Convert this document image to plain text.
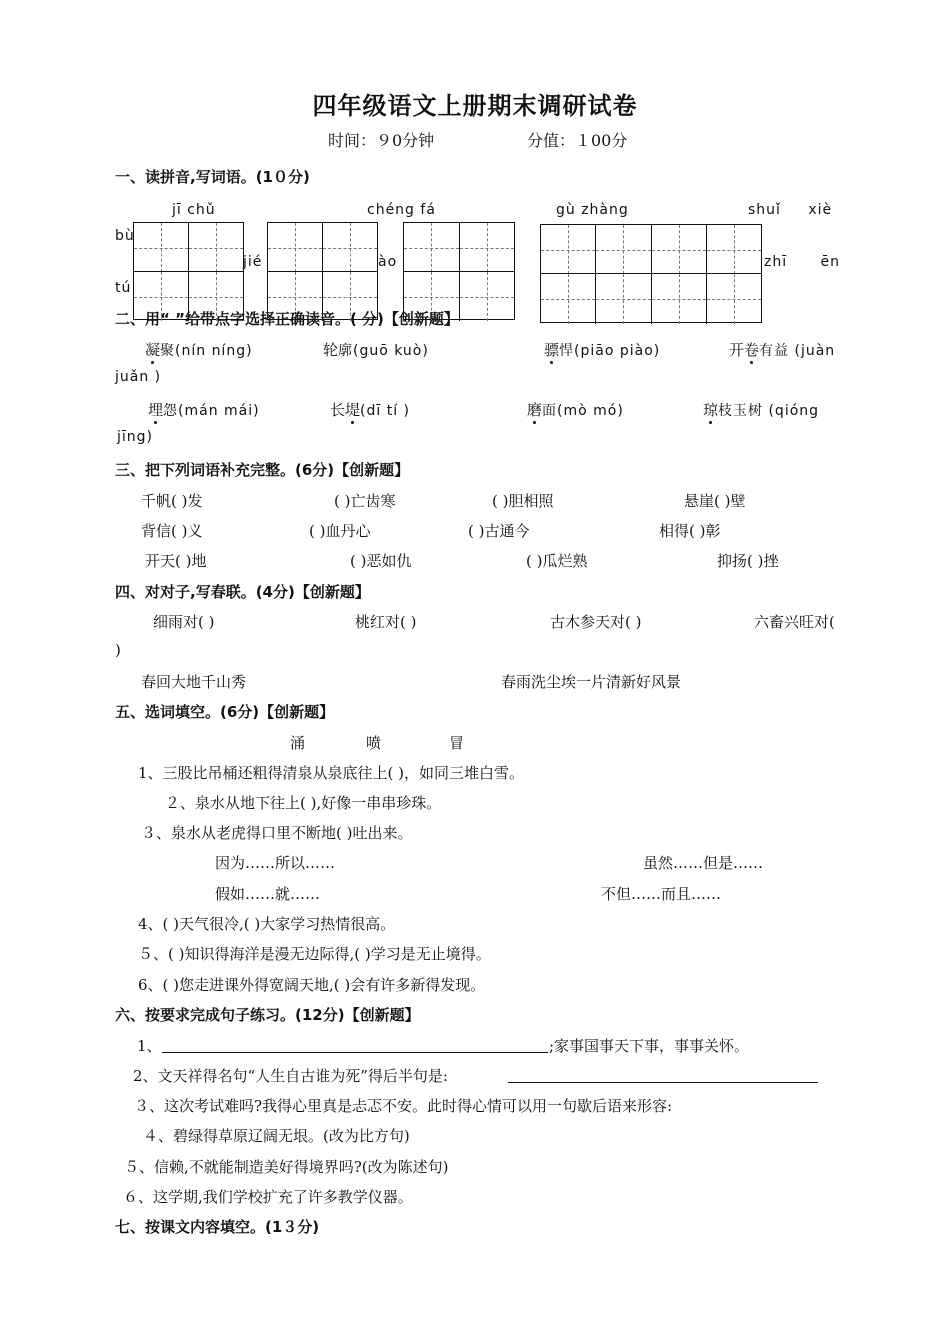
四年级语文上册期末调研试卷
时间：９0分钟	分值：１00分
一、读拼音,写词语。(1０分)
jī chǔ	chéng fá	gù zhàng	shuǐ xiè
bù
jié	ào	zhī ēn
tú
二、用“ ”给带点字选择正确读音。( 分)【创新题】
凝聚(nín níng)	轮廓(guō kuò)	骠悍(piāo piào)	开卷有益 (juàn
juǎn )
埋怨(mán mái)	长堤(dī tí )	磨面(mò mó)	琼枝玉树 (qióng
jīng)
三、把下列词语补充完整。(6分)【创新题】
千帆( )发	( )亡齿寒	( )胆相照	悬崖( )壁
背信( )义	( )血丹心	( )古通今	相得( )彰
开天( )地	( )恶如仇	( )瓜烂熟	抑扬( )挫
四、对对子,写春联。(4分)【创新题】
细雨对( )	桃红对( )	古木参天对( )	六畜兴旺对(
)
春回大地千山秀	春雨洗尘埃一片清新好风景
五、选词填空。(6分)【创新题】
涌	喷	冒
1、三股比吊桶还粗得清泉从泉底往上( )，如同三堆白雪。
２、泉水从地下往上( ),好像一串串珍珠。
３、泉水从老虎得口里不断地( )吐出来。
因为……所以……	虽然……但是……
假如……就……	不但……而且……
4、( )天气很冷,( )大家学习热情很高。
５、( )知识得海洋是漫无边际得,( )学习是无止境得。
6、( )您走进课外得宽阔天地,( )会有许多新得发现。
六、按要求完成句子练习。(12分)【创新题】
1、	;家事国事天下事，事事关怀。
2、文天祥得名句“人生自古谁为死”得后半句是:
３、这次考试难吗?我得心里真是忐忑不安。此时得心情可以用一句歇后语来形容:
４、碧绿得草原辽阔无垠。(改为比方句)
５、信赖,不就能制造美好得境界吗?(改为陈述句)
６、这学期,我们学校扩充了许多教学仪器。
七、按课文内容填空。(1３分)
